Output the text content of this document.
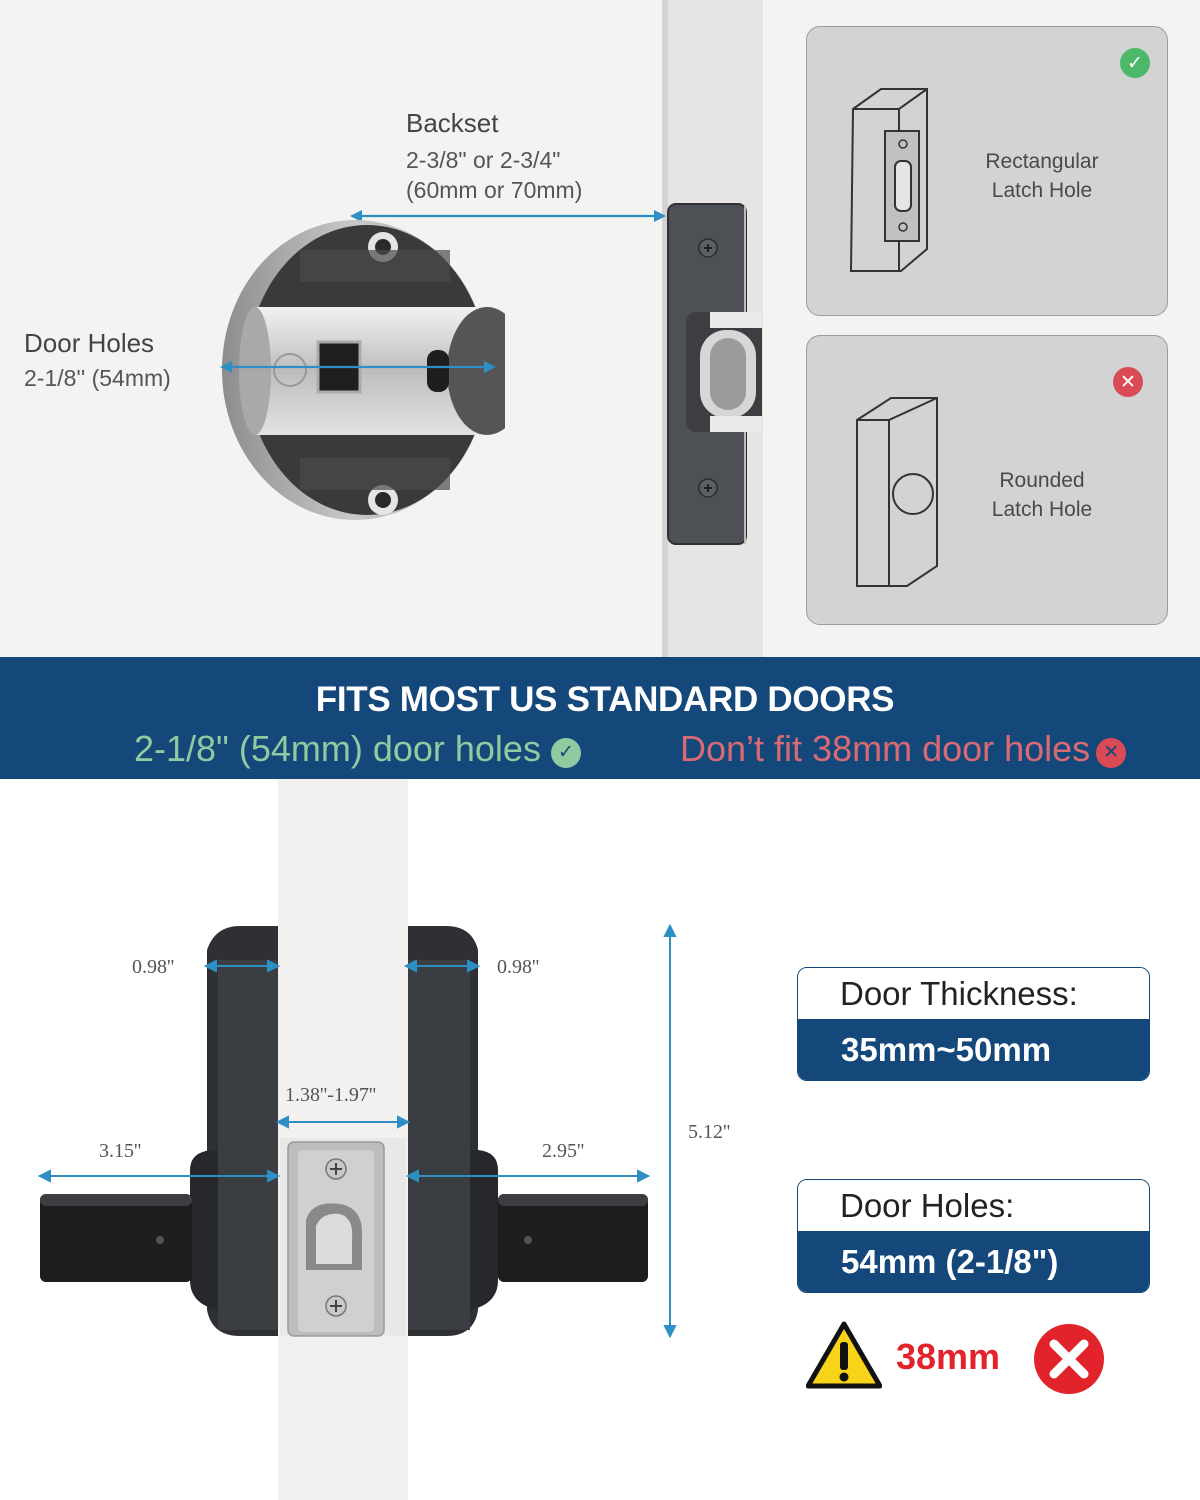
Backset
2-3/8" or 2-3/4"
(60mm or 70mm)
Door Holes
2-1/8'' (54mm)
✓
Rectangular
Latch Hole
✕
Rounded
Latch Hole
FITS MOST US STANDARD DOORS
2-1/8" (54mm) door holes ✓	Don’t fit 38mm door holes ✕
0.98''	0.98''
1.38''-1.97''
3.15''	2.95''
5.12''
Door Thickness:
35mm~50mm
Door Holes:
54mm (2-1/8")
38mm
